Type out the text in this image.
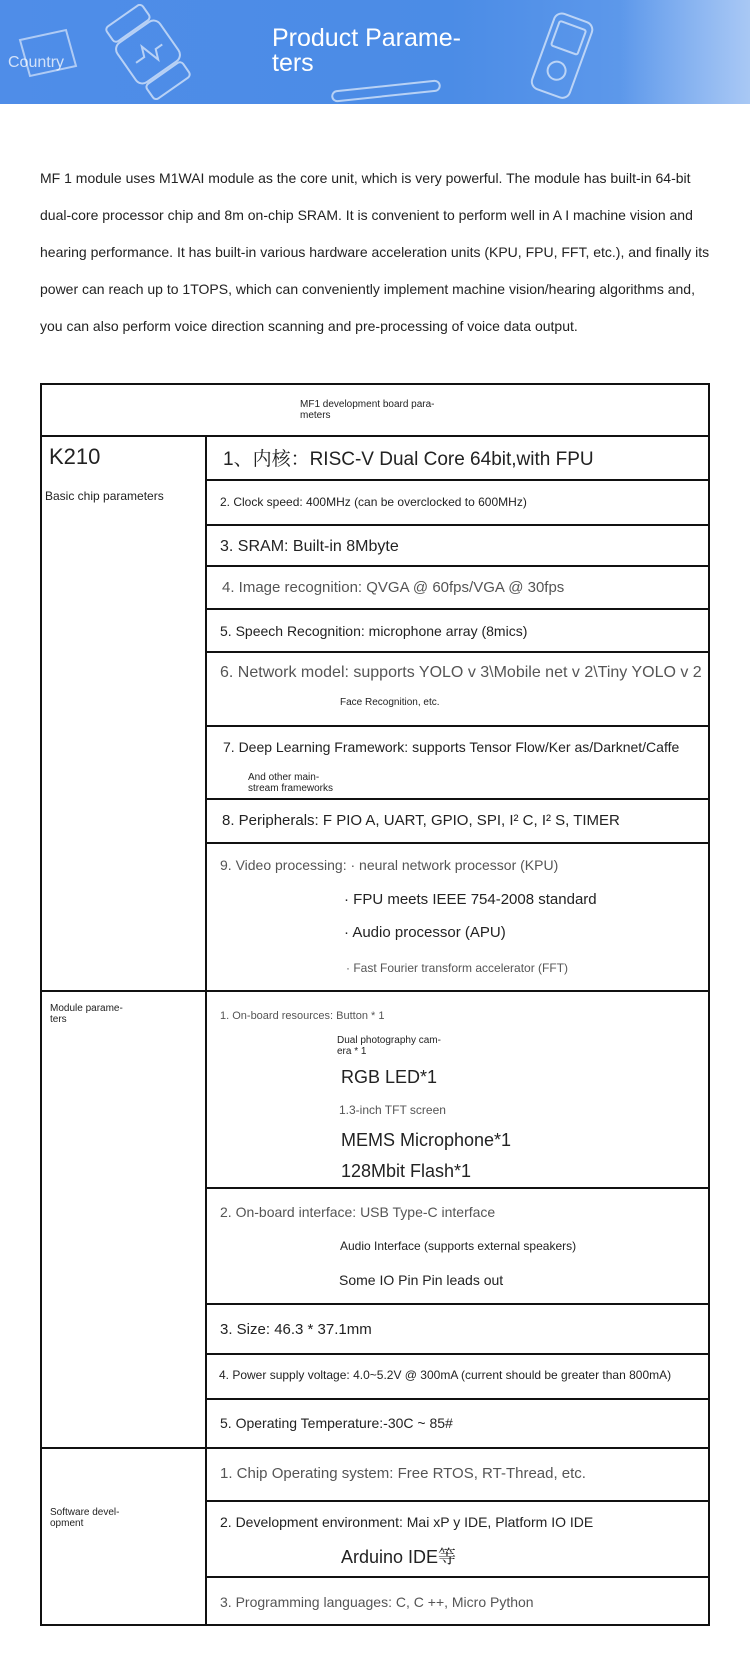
Country
Product Parame- ters

MF 1 module uses M1WAI module as the core unit, which is very powerful. The module has built-in 64-bit dual-core processor chip and 8m on-chip SRAM. It is convenient to perform well in A I machine vision and hearing performance. It has built-in various hardware acceleration units (KPU, FPU, FFT, etc.), and finally its power can reach up to 1TOPS, which can conveniently implement machine vision/hearing algorithms and, you can also perform voice direction scanning and pre-processing of voice data output.

MF1 development board para- meters
K210
Basic chip parameters
1、内核：RISC-V Dual Core 64bit,with FPU
2. Clock speed: 400MHz (can be overclocked to 600MHz)
3. SRAM: Built-in 8Mbyte
4. Image recognition: QVGA @ 60fps/VGA @ 30fps
5. Speech Recognition: microphone array (8mics)
6. Network model: supports YOLO v 3\Mobile net v 2\Tiny YOLO v 2
Face Recognition, etc.
7. Deep Learning Framework: supports Tensor Flow/Ker as/Darknet/Caffe
And other main- stream frameworks
8. Peripherals: F PIO A, UART, GPIO, SPI, I² C, I² S, TIMER
9. Video processing: · neural network processor (KPU)
· FPU meets IEEE 754-2008 standard
· Audio processor (APU)
· Fast Fourier transform accelerator (FFT)
Module parame- ters	1. On-board resources: Button * 1
Dual photography cam- era * 1
RGB LED*1
1.3-inch TFT screen
MEMS Microphone*1
128Mbit Flash*1
2. On-board interface: USB Type-C interface
Audio Interface (supports external speakers)
Some IO Pin Pin leads out
3. Size: 46.3 * 37.1mm
4. Power supply voltage: 4.0~5.2V @ 300mA (current should be greater than 800mA)
5. Operating Temperature:-30C ~ 85#
Software devel- opment
1. Chip Operating system: Free RTOS, RT-Thread, etc.
2. Development environment: Mai xP y IDE, Platform IO IDE
Arduino IDE等
3. Programming languages: C, C ++, Micro Python
